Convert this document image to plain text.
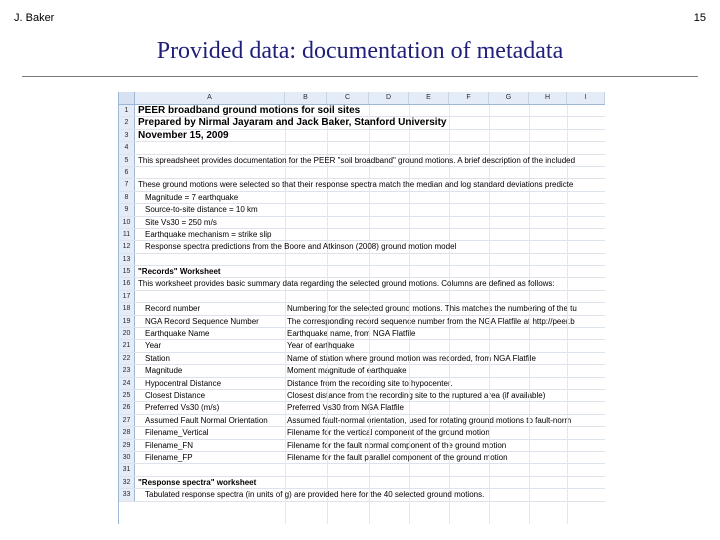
J. Baker	15
Provided data: documentation of metadata
A	B	C	D	E	F	G	H	I
1 PEER broadband ground motions for soil sites
2 Prepared by Nirmal Jayaram and Jack Baker, Stanford University
3 November 15, 2009
4
5	This spreadsheet provides documentation for the PEER "soil broadband" ground motions. A brief description of the included
6
7	These ground motions were selected so that their response spectra match the median and log standard deviations predicte
8	Magnitude = 7 earthquake
9	Source-to-site distance = 10 km
10	Site Vs30 = 250 m/s
11	Earthquake mechanism = strike slip
12	Response spectra predictions from the Boore and Atkinson (2008) ground motion model
13
15 "Records" Worksheet
16 This worksheet provides basic summary data regarding the selected ground motions. Columns are defined as follows:
17
18	Record number	Numbering for the selected ground motions. This matches the numbering of the tu
19	NGA Record Sequence Number	The corresponding record sequence number from the NGA Flatfile at http://peer.b
20	Earthquake Name	Earthquake name, from NGA Flatfile
21	Year	Year of earthquake
22	Station	Name of station where ground motion was recorded, from NGA Flatfile
23	Magnitude	Moment magnitude of earthquake
24	Hypocentral Distance	Distance from the recording site to hypocenter.
25	Closest Distance	Closest distance from the recording site to the ruptured area (if available)
26	Preferred Vs30 (m/s)	Preferred Vs30 from NGA Flatfile
27	Assumed Fault Normal Orientation	Assumed fault-normal orientation, used for rotating ground motions to fault-norm
28	Filename_Vertical	Filename for the vertical component of the ground motion
29	Filename_FN	Filename for the fault normal component of the ground motion
30	Filename_FP	Filename for the fault parallel component of the ground motion
31
32 "Response spectra" worksheet
33	Tabulated response spectra (in units of g) are provided here for the 40 selected ground motions.
